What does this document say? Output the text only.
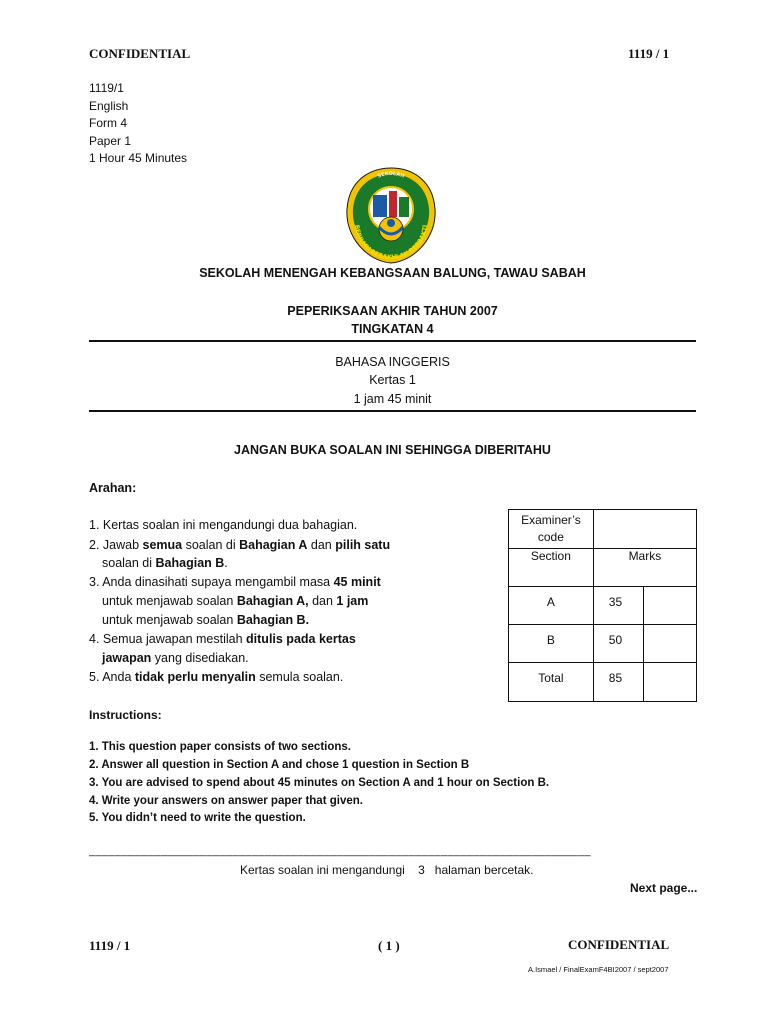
CONFIDENTIAL	1119 / 1
1119/1
English
Form 4
Paper 1
1 Hour 45 Minutes
SEKOLAH
BERILMU BERAKHLAK BERBAKTI
SEKOLAH MENENGAH KEBANGSAAN BALUNG, TAWAU SABAH
PEPERIKSAAN AKHIR TAHUN 2007
TINGKATAN 4
BAHASA INGGERIS
Kertas 1
1 jam 45 minit
JANGAN BUKA SOALAN INI SEHINGGA DIBERITAHU
Arahan:
1. Kertas soalan ini mengandungi dua bahagian.
2. Jawab semua soalan di Bahagian A dan pilih satu
soalan di Bahagian B.
3. Anda dinasihati supaya mengambil masa 45 minit
untuk menjawab soalan Bahagian A, dan 1 jam
untuk menjawab soalan Bahagian B.
4. Semua jawapan mestilah ditulis pada kertas
jawapan yang disediakan.
5. Anda tidak perlu menyalin semula soalan.
Examiner’s code		
Section	Marks	
A	35	
B	50	
Total	85	
Instructions:
1. This question paper consists of two sections.
2. Answer all question in Section A and chose 1 question in Section B
3. You are advised to spend about 45 minutes on Section A and 1 hour on Section B.
4. Write your answers on answer paper that given.
5. You didn’t need to write the question.
_____________________________________________________________________________
Kertas soalan ini mengandungi    3   halaman bercetak.
Next page...
1119 / 1	( 1 )	CONFIDENTIAL
A.Ismael / FinalExamF4BI2007 / sept2007
